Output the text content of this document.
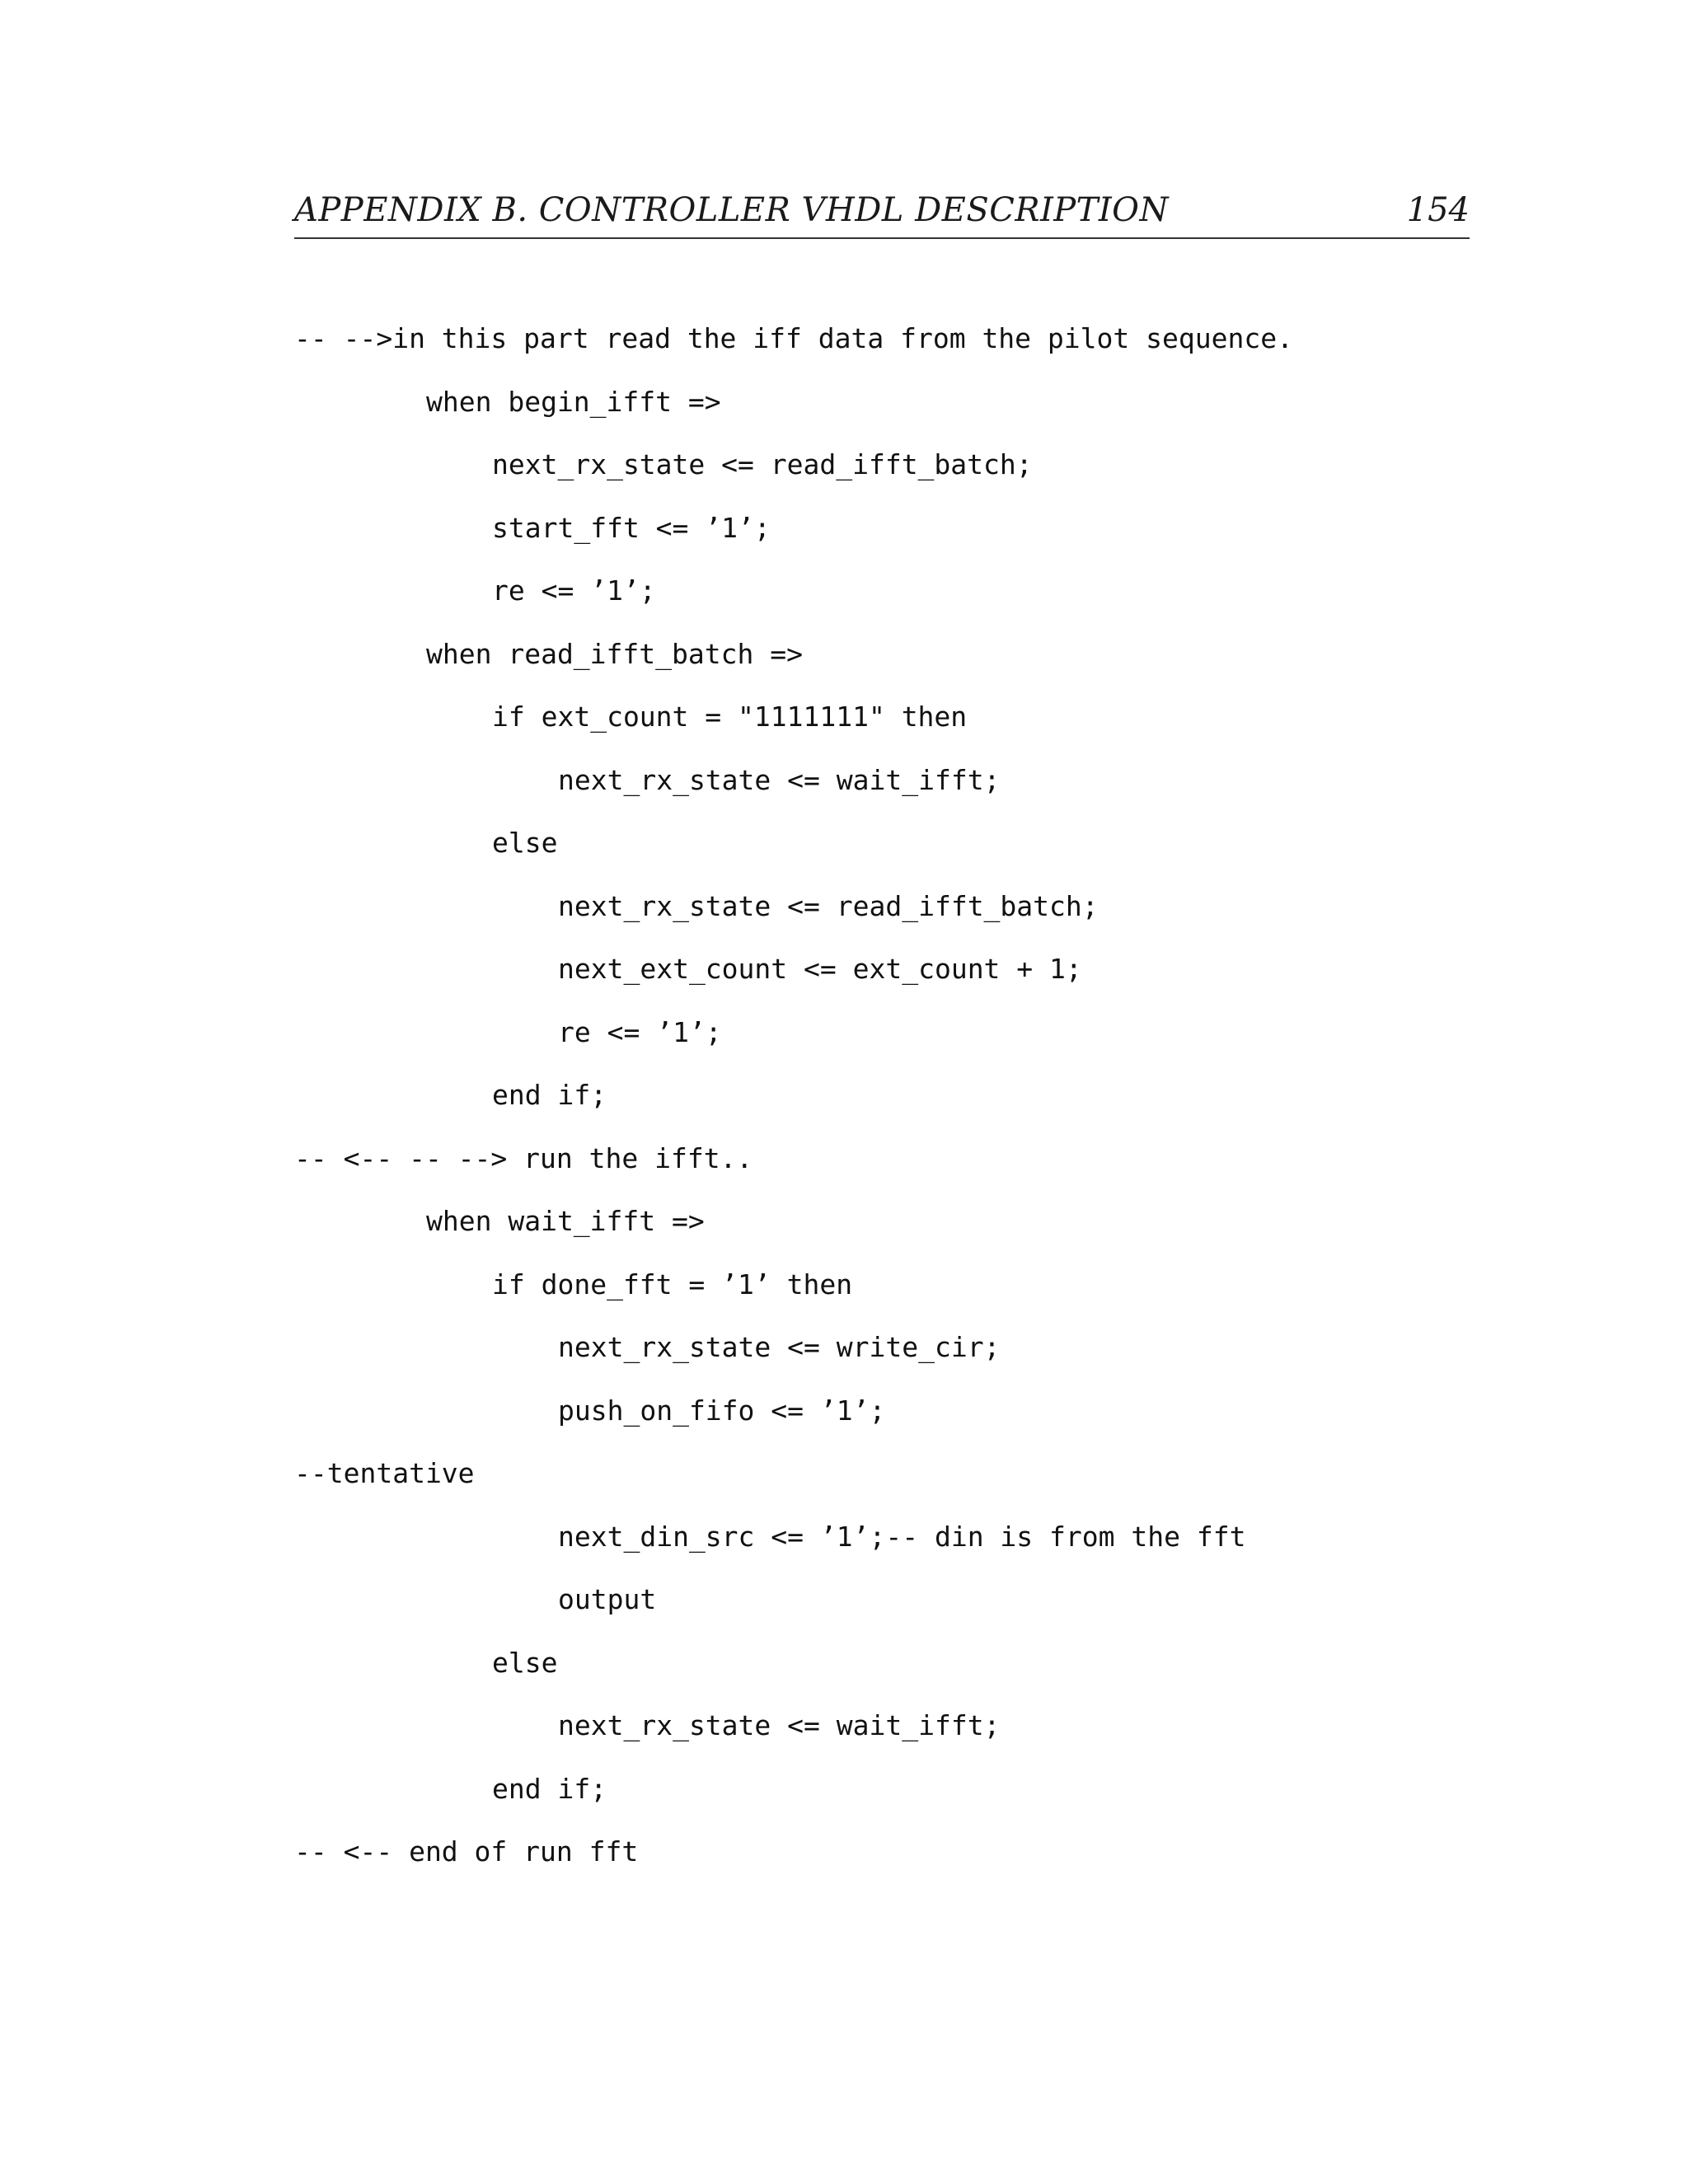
APPENDIX B. CONTROLLER VHDL DESCRIPTION	154
-- -->in this part read the iff data from the pilot sequence.
when begin_ifft =>
next_rx_state <= read_ifft_batch;
start_fft <= ’1’;
re <= ’1’;
when read_ifft_batch =>
if ext_count = "1111111" then
next_rx_state <= wait_ifft;
else
next_rx_state <= read_ifft_batch;
next_ext_count <= ext_count + 1;
re <= ’1’;
end if;
-- <-- -- --> run the ifft..
when wait_ifft =>
if done_fft = ’1’ then
next_rx_state <= write_cir;
push_on_fifo <= ’1’;
--tentative
next_din_src <= ’1’;-- din is from the fft
output
else
next_rx_state <= wait_ifft;
end if;
-- <-- end of run fft
